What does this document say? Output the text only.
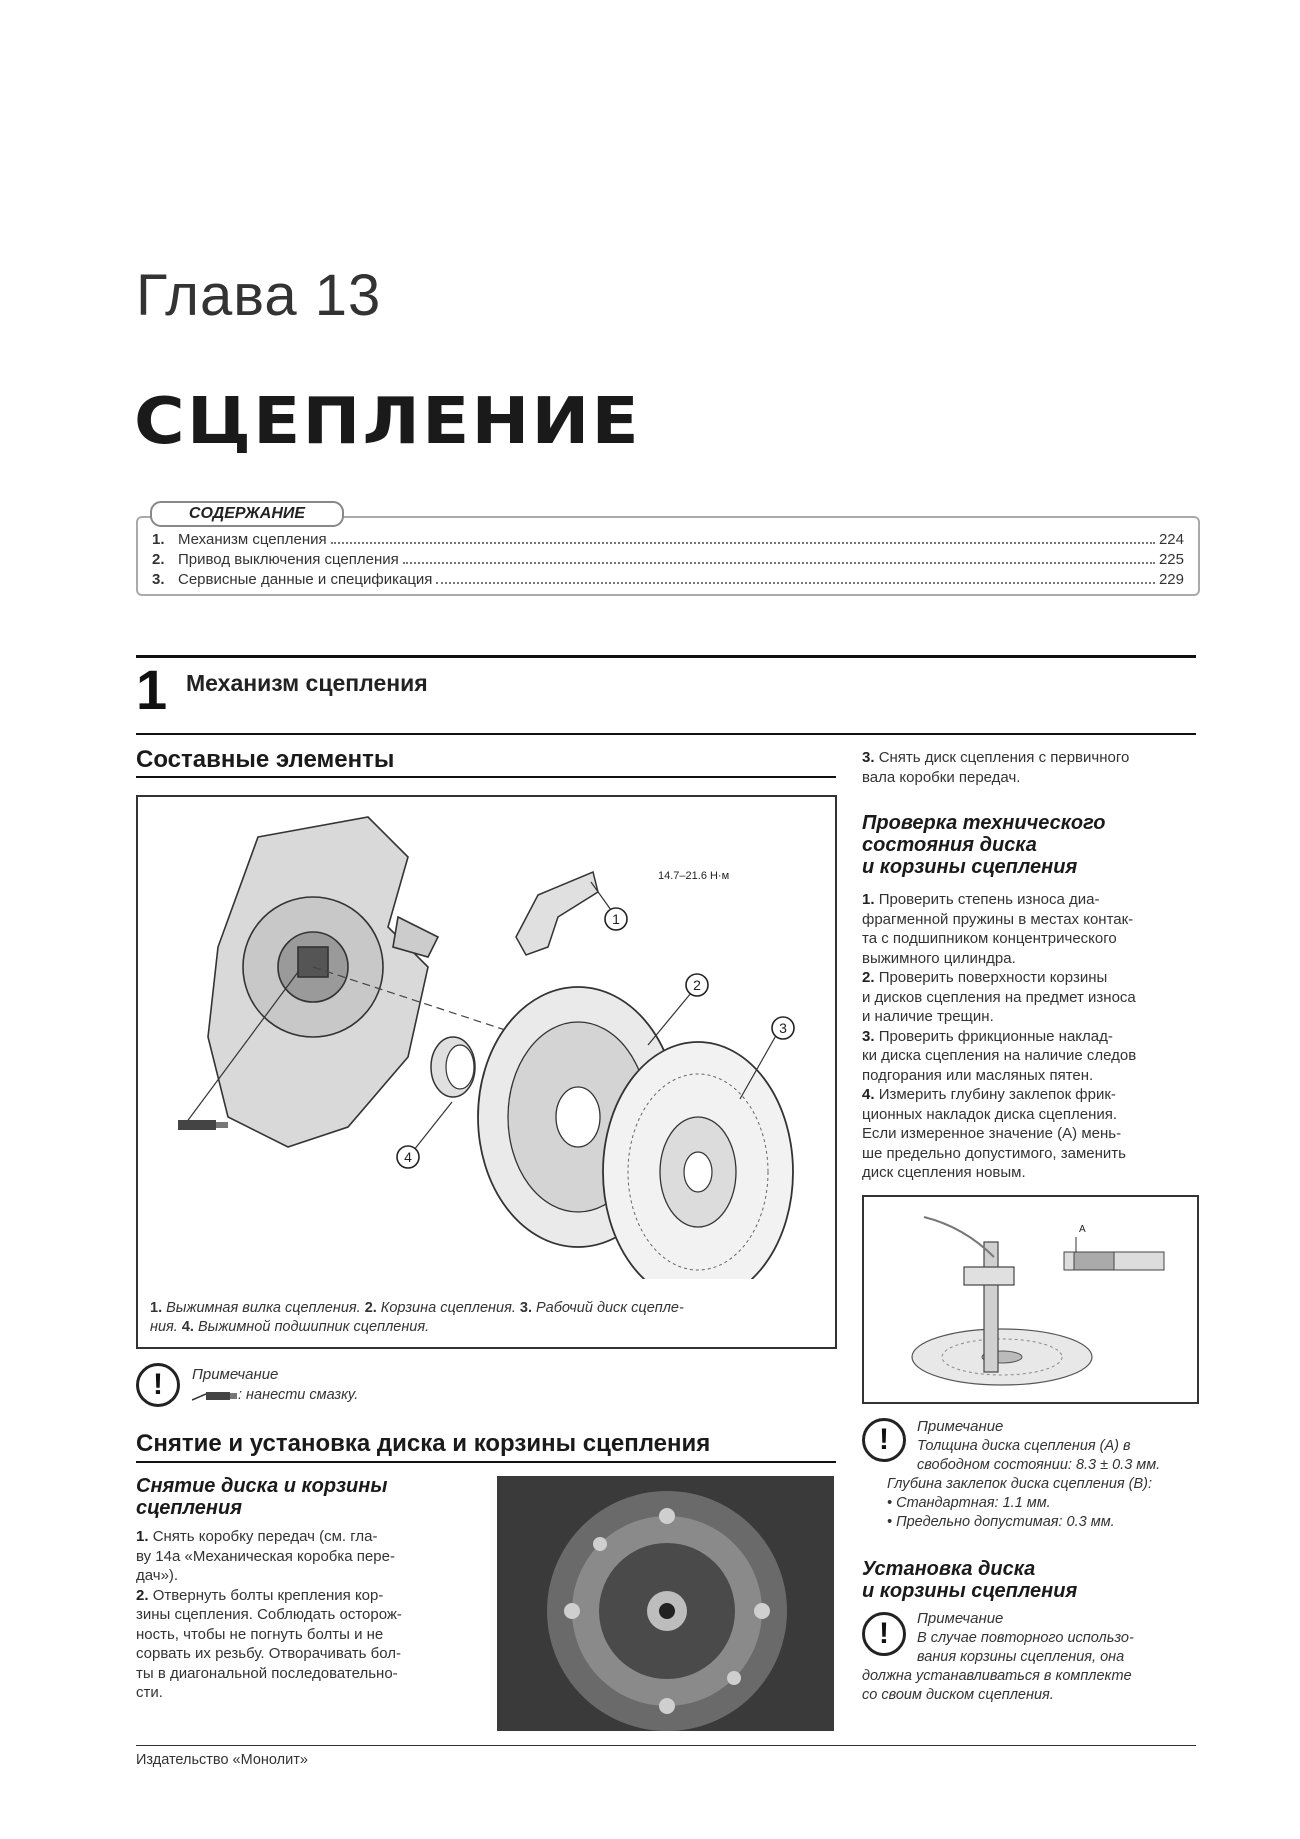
Глава 13
СЦЕПЛЕНИЕ
1. Механизм сцепления	224
2. Привод выключения сцепления	225
3. Сервисные данные и спецификация	229
СОДЕРЖАНИЕ
1 Механизм сцепления
Составные элементы
14.7–21.6 Н·м
1
2
3
4
1. Выжимная вилка сцепления. 2. Корзина сцепления. 3. Рабочий диск сцепле-
ния. 4. Выжимной подшипник сцепления.
!	Примечание
: нанести смазку.
Снятие и установка диска и корзины сцепления
Снятие диска и корзины
сцепления
1. Снять коробку передач (см. гла-
ву 14а «Механическая коробка пере-
дач»).
2. Отвернуть болты крепления кор-
зины сцепления. Соблюдать осторож-
ность, чтобы не погнуть болты и не
сорвать их резьбу. Отворачивать бол-
ты в диагональной последовательно-
сти.
3. Снять диск сцепления с первичного
вала коробки передач.
Проверка технического
состояния диска
и корзины сцепления
1. Проверить степень износа диа-
фрагменной пружины в местах контак-
та с подшипником концентрического
выжимного цилиндра.
2. Проверить поверхности корзины
и дисков сцепления на предмет износа
и наличие трещин.
3. Проверить фрикционные наклад-
ки диска сцепления на наличие следов
подгорания или масляных пятен.
4. Измерить глубину заклепок фрик-
ционных накладок диска сцепления.
Если измеренное значение (A) мень-
ше предельно допустимого, заменить
диск сцепления новым.
A
!	Примечание
Толщина диска сцепления (A) в
свободном состоянии: 8.3 ± 0.3 мм.
Глубина заклепок диска сцепления (B):
• Стандартная: 1.1 мм.
• Предельно допустимая: 0.3 мм.
Установка диска
и корзины сцепления
!	Примечание
В случае повторного использо-
вания корзины сцепления, она
должна устанавливаться в комплекте
со своим диском сцепления.
Издательство «Монолит»
